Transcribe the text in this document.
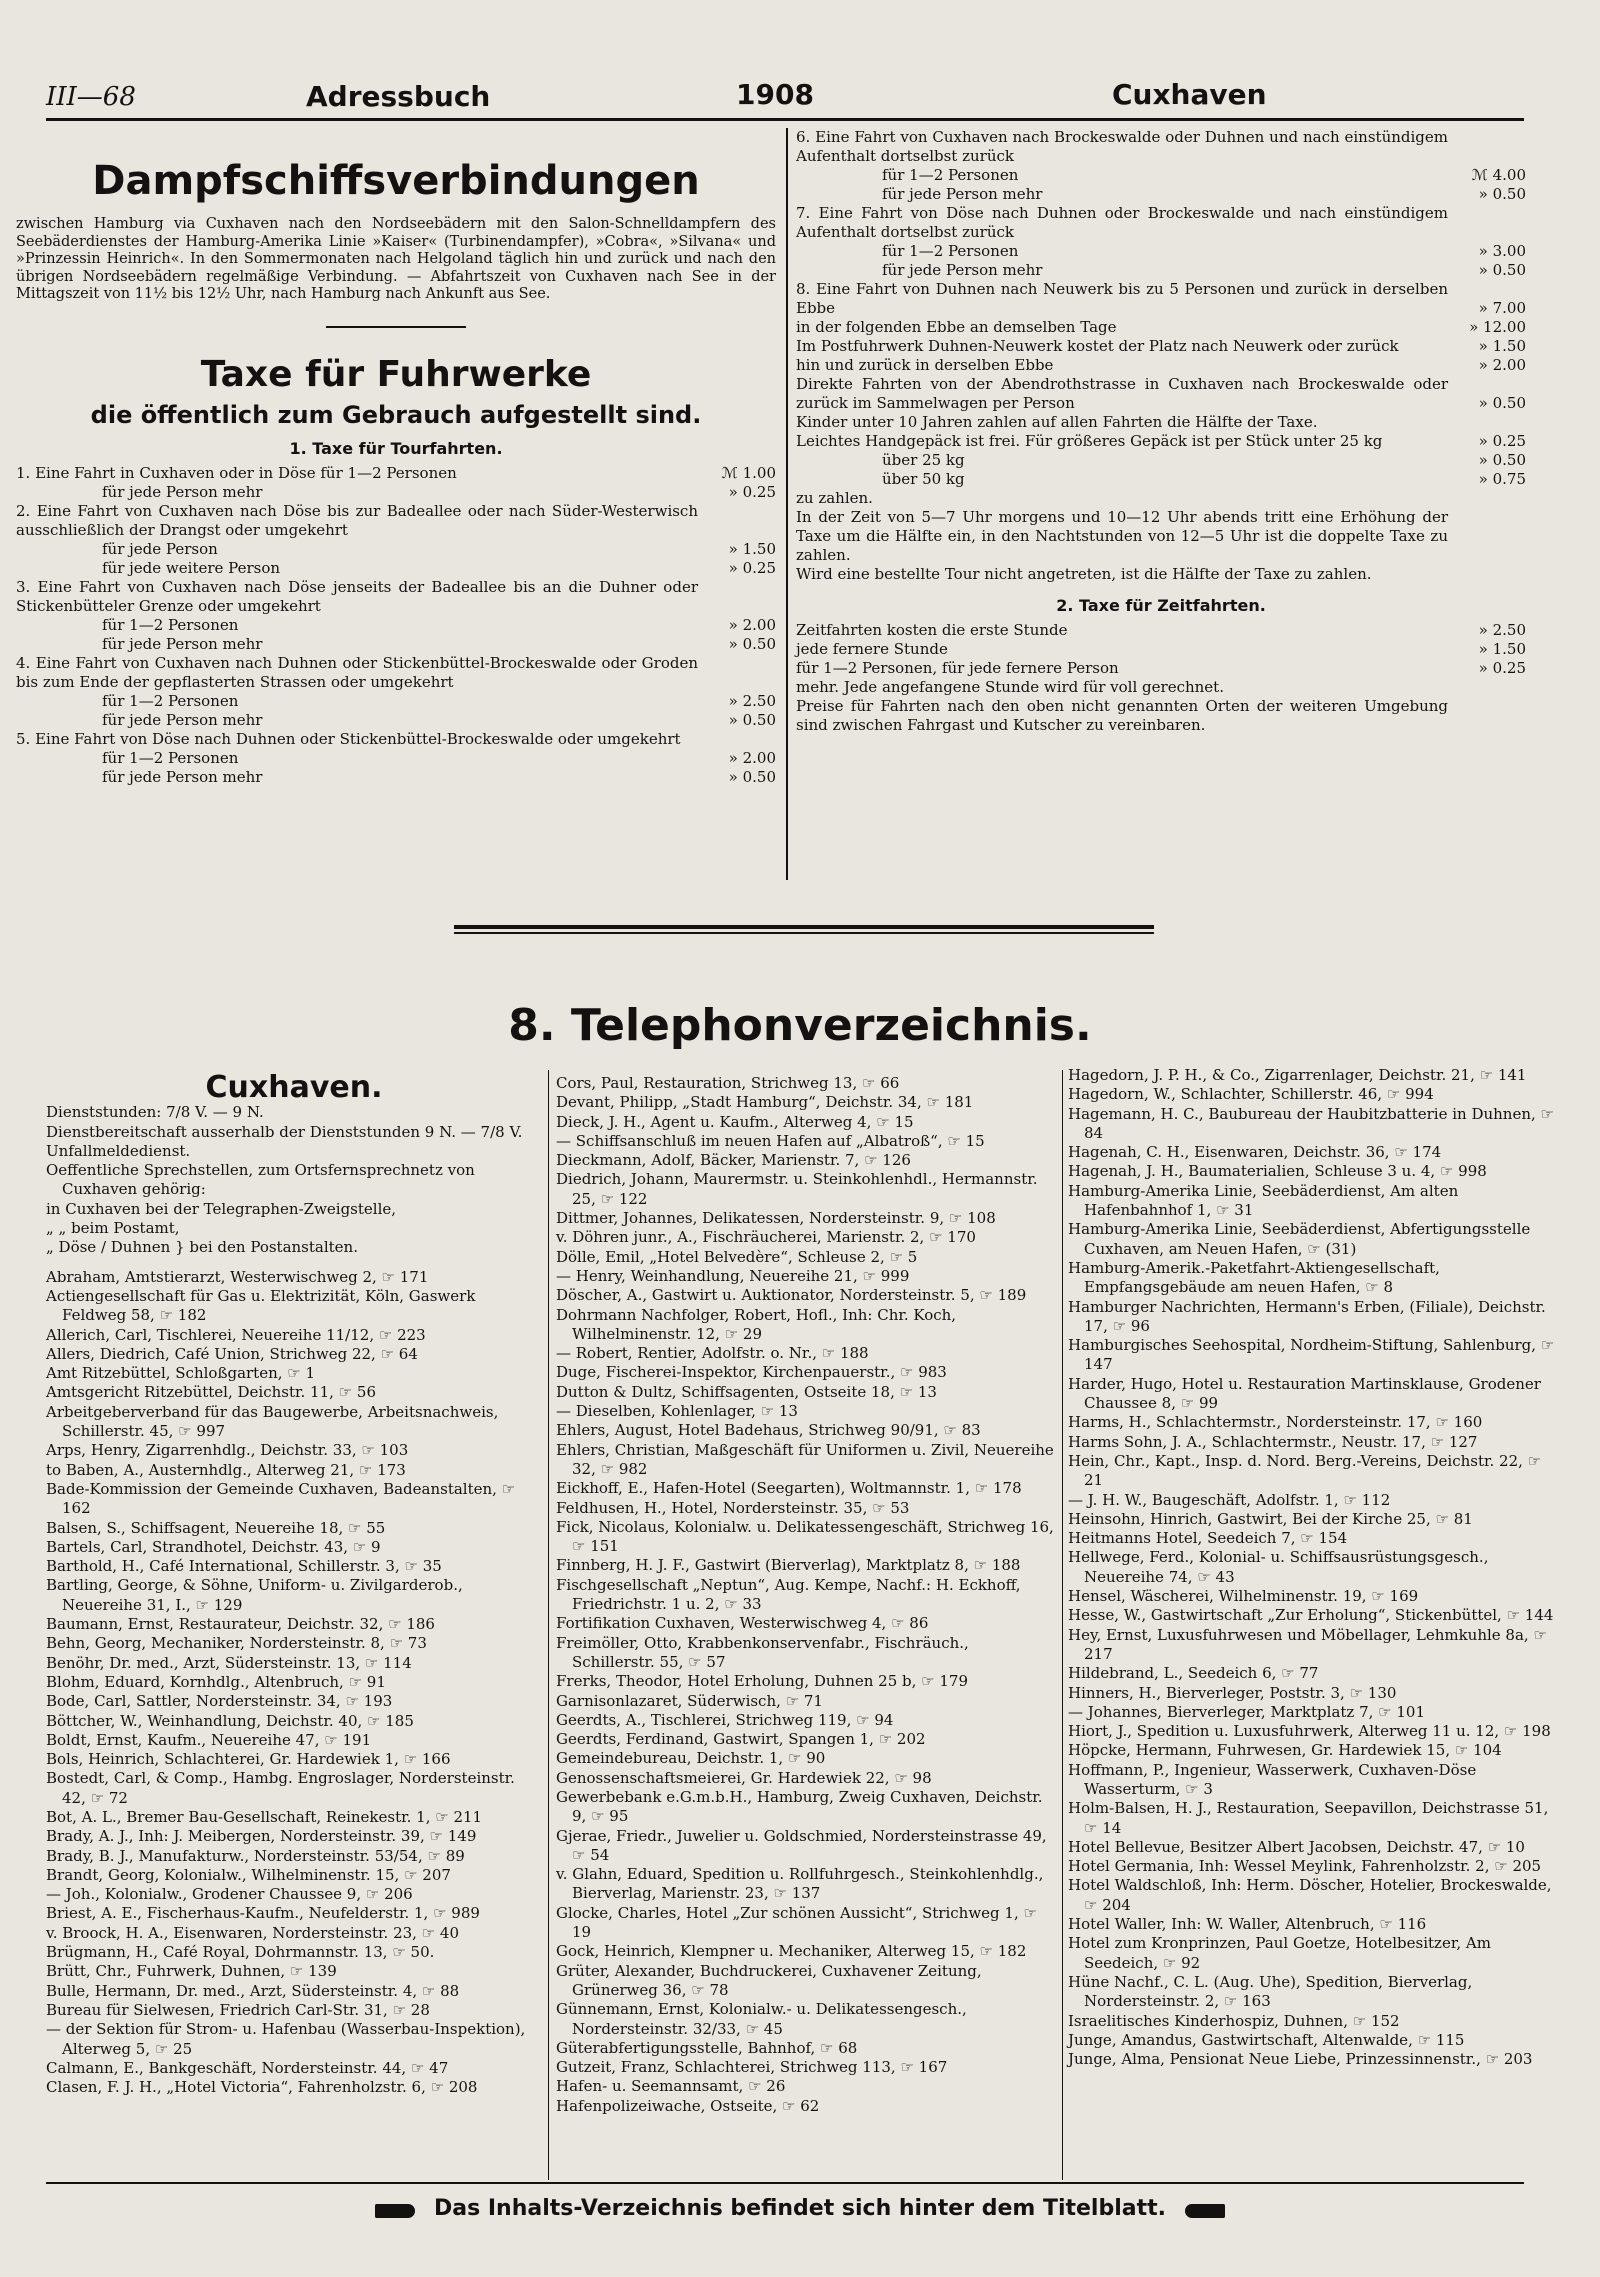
III—68	Adressbuch	1908	Cuxhaven
Dampfschiffsverbindungen

zwischen Hamburg via Cuxhaven nach den Nordseebädern mit den Salon-Schnelldampfern des Seebäderdienstes der Hamburg-Amerika Linie »Kaiser« (Turbinendampfer), »Cobra«, »Silvana« und »Prinzessin Heinrich«. In den Sommermonaten nach Helgoland täglich hin und zurück und nach den übrigen Nordseebädern regelmäßige Verbindung. — Abfahrtszeit von Cuxhaven nach See in der Mittagszeit von 11½ bis 12½ Uhr, nach Hamburg nach Ankunft aus See.

Taxe für Fuhrwerke
die öffentlich zum Gebrauch aufgestellt sind.
1. Taxe für Tourfahrten.
1. Eine Fahrt in Cuxhaven oder in Döse für 1—2 Personen	ℳ 1.00
für jede Person mehr	» 0.25
2. Eine Fahrt von Cuxhaven nach Döse bis zur Badeallee oder nach Süder-Westerwisch ausschließlich der Drangst oder umgekehrt
für jede Person	» 1.50
für jede weitere Person	» 0.25
3. Eine Fahrt von Cuxhaven nach Döse jenseits der Badeallee bis an die Duhner oder Stickenbütteler Grenze oder umgekehrt
für 1—2 Personen	» 2.00
für jede Person mehr	» 0.50
4. Eine Fahrt von Cuxhaven nach Duhnen oder Stickenbüttel-Brockeswalde oder Groden bis zum Ende der gepflasterten Strassen oder umgekehrt
für 1—2 Personen	» 2.50
für jede Person mehr	» 0.50
5. Eine Fahrt von Döse nach Duhnen oder Stickenbüttel-Brockeswalde oder umgekehrt
für 1—2 Personen	» 2.00
für jede Person mehr	» 0.50
6. Eine Fahrt von Cuxhaven nach Brockeswalde oder Duhnen und nach einstündigem Aufenthalt dortselbst zurück
für 1—2 Personen	ℳ 4.00
für jede Person mehr	» 0.50
7. Eine Fahrt von Döse nach Duhnen oder Brockeswalde und nach einstündigem Aufenthalt dortselbst zurück
für 1—2 Personen	» 3.00
für jede Person mehr	» 0.50
8. Eine Fahrt von Duhnen nach Neuwerk bis zu 5 Personen und zurück in derselben Ebbe	» 7.00
in der folgenden Ebbe an demselben Tage	» 12.00
Im Postfuhrwerk Duhnen-Neuwerk kostet der Platz nach Neuwerk oder zurück	» 1.50
hin und zurück in derselben Ebbe	» 2.00
Direkte Fahrten von der Abendrothstrasse in Cuxhaven nach Brockeswalde oder zurück im Sammelwagen per Person	» 0.50
Kinder unter 10 Jahren zahlen auf allen Fahrten die Hälfte der Taxe.
Leichtes Handgepäck ist frei. Für größeres Gepäck ist per Stück unter 25 kg	» 0.25
über 25 kg	» 0.50
über 50 kg	» 0.75
zu zahlen.
In der Zeit von 5—7 Uhr morgens und 10—12 Uhr abends tritt eine Erhöhung der Taxe um die Hälfte ein, in den Nachtstunden von 12—5 Uhr ist die doppelte Taxe zu zahlen.
Wird eine bestellte Tour nicht angetreten, ist die Hälfte der Taxe zu zahlen.
2. Taxe für Zeitfahrten.
Zeitfahrten kosten die erste Stunde	» 2.50
jede fernere Stunde	» 1.50
für 1—2 Personen, für jede fernere Person	» 0.25
mehr. Jede angefangene Stunde wird für voll gerechnet.
Preise für Fahrten nach den oben nicht genannten Orten der weiteren Umgebung sind zwischen Fahrgast und Kutscher zu vereinbaren.
8. Telephonverzeichnis.
Cuxhaven.

Dienststunden: 7/8 V. — 9 N.

Dienstbereitschaft ausserhalb der Dienststunden 9 N. — 7/8 V.

Unfallmeldedienst.

Oeffentliche Sprechstellen, zum Ortsfernsprechnetz von Cuxhaven gehörig:

in Cuxhaven bei der Telegraphen-Zweigstelle,

„ „ beim Postamt,

„ Döse / Duhnen } bei den Postanstalten.

Abraham, Amtstierarzt, Westerwischweg 2, ☞ 171

Actiengesellschaft für Gas u. Elektrizität, Köln, Gaswerk Feldweg 58, ☞ 182

Allerich, Carl, Tischlerei, Neuereihe 11/12, ☞ 223

Allers, Diedrich, Café Union, Strichweg 22, ☞ 64

Amt Ritzebüttel, Schloßgarten, ☞ 1

Amtsgericht Ritzebüttel, Deichstr. 11, ☞ 56

Arbeitgeberverband für das Baugewerbe, Arbeitsnachweis, Schillerstr. 45, ☞ 997

Arps, Henry, Zigarrenhdlg., Deichstr. 33, ☞ 103

to Baben, A., Austernhdlg., Alterweg 21, ☞ 173

Bade-Kommission der Gemeinde Cuxhaven, Badeanstalten, ☞ 162

Balsen, S., Schiffsagent, Neuereihe 18, ☞ 55

Bartels, Carl, Strandhotel, Deichstr. 43, ☞ 9

Barthold, H., Café International, Schillerstr. 3, ☞ 35

Bartling, George, & Söhne, Uniform- u. Zivilgarderob., Neuereihe 31, I., ☞ 129

Baumann, Ernst, Restaurateur, Deichstr. 32, ☞ 186

Behn, Georg, Mechaniker, Nordersteinstr. 8, ☞ 73

Benöhr, Dr. med., Arzt, Südersteinstr. 13, ☞ 114

Blohm, Eduard, Kornhdlg., Altenbruch, ☞ 91

Bode, Carl, Sattler, Nordersteinstr. 34, ☞ 193

Böttcher, W., Weinhandlung, Deichstr. 40, ☞ 185

Boldt, Ernst, Kaufm., Neuereihe 47, ☞ 191

Bols, Heinrich, Schlachterei, Gr. Hardewiek 1, ☞ 166

Bostedt, Carl, & Comp., Hambg. Engroslager, Nordersteinstr. 42, ☞ 72

Bot, A. L., Bremer Bau-Gesellschaft, Reinekestr. 1, ☞ 211

Brady, A. J., Inh: J. Meibergen, Nordersteinstr. 39, ☞ 149

Brady, B. J., Manufakturw., Nordersteinstr. 53/54, ☞ 89

Brandt, Georg, Kolonialw., Wilhelminenstr. 15, ☞ 207

— Joh., Kolonialw., Grodener Chaussee 9, ☞ 206

Briest, A. E., Fischerhaus-Kaufm., Neufelderstr. 1, ☞ 989

v. Broock, H. A., Eisenwaren, Nordersteinstr. 23, ☞ 40

Brügmann, H., Café Royal, Dohrmannstr. 13, ☞ 50.

Brütt, Chr., Fuhrwerk, Duhnen, ☞ 139

Bulle, Hermann, Dr. med., Arzt, Südersteinstr. 4, ☞ 88

Bureau für Sielwesen, Friedrich Carl-Str. 31, ☞ 28

— der Sektion für Strom- u. Hafenbau (Wasserbau-Inspektion), Alterweg 5, ☞ 25

Calmann, E., Bankgeschäft, Nordersteinstr. 44, ☞ 47

Clasen, F. J. H., „Hotel Victoria“, Fahrenholzstr. 6, ☞ 208

Cors, Paul, Restauration, Strichweg 13, ☞ 66

Devant, Philipp, „Stadt Hamburg“, Deichstr. 34, ☞ 181

Dieck, J. H., Agent u. Kaufm., Alterweg 4, ☞ 15

— Schiffsanschluß im neuen Hafen auf „Albatroß“, ☞ 15

Dieckmann, Adolf, Bäcker, Marienstr. 7, ☞ 126

Diedrich, Johann, Maurermstr. u. Steinkohlenhdl., Hermannstr. 25, ☞ 122

Dittmer, Johannes, Delikatessen, Nordersteinstr. 9, ☞ 108

v. Döhren junr., A., Fischräucherei, Marienstr. 2, ☞ 170

Dölle, Emil, „Hotel Belvedère“, Schleuse 2, ☞ 5

— Henry, Weinhandlung, Neuereihe 21, ☞ 999

Döscher, A., Gastwirt u. Auktionator, Nordersteinstr. 5, ☞ 189

Dohrmann Nachfolger, Robert, Hofl., Inh: Chr. Koch, Wilhelminenstr. 12, ☞ 29

— Robert, Rentier, Adolfstr. o. Nr., ☞ 188

Duge, Fischerei-Inspektor, Kirchenpauerstr., ☞ 983

Dutton & Dultz, Schiffsagenten, Ostseite 18, ☞ 13

— Dieselben, Kohlenlager, ☞ 13

Ehlers, August, Hotel Badehaus, Strichweg 90/91, ☞ 83

Ehlers, Christian, Maßgeschäft für Uniformen u. Zivil, Neuereihe 32, ☞ 982

Eickhoff, E., Hafen-Hotel (Seegarten), Woltmannstr. 1, ☞ 178

Feldhusen, H., Hotel, Nordersteinstr. 35, ☞ 53

Fick, Nicolaus, Kolonialw. u. Delikatessengeschäft, Strichweg 16, ☞ 151

Finnberg, H. J. F., Gastwirt (Bierverlag), Marktplatz 8, ☞ 188

Fischgesellschaft „Neptun“, Aug. Kempe, Nachf.: H. Eckhoff, Friedrichstr. 1 u. 2, ☞ 33

Fortifikation Cuxhaven, Westerwischweg 4, ☞ 86

Freimöller, Otto, Krabbenkonservenfabr., Fischräuch., Schillerstr. 55, ☞ 57

Frerks, Theodor, Hotel Erholung, Duhnen 25 b, ☞ 179

Garnisonlazaret, Süderwisch, ☞ 71

Geerdts, A., Tischlerei, Strichweg 119, ☞ 94

Geerdts, Ferdinand, Gastwirt, Spangen 1, ☞ 202

Gemeindebureau, Deichstr. 1, ☞ 90

Genossenschaftsmeierei, Gr. Hardewiek 22, ☞ 98

Gewerbebank e.G.m.b.H., Hamburg, Zweig Cuxhaven, Deichstr. 9, ☞ 95

Gjerae, Friedr., Juwelier u. Goldschmied, Nordersteinstrasse 49, ☞ 54

v. Glahn, Eduard, Spedition u. Rollfuhrgesch., Steinkohlenhdlg., Bierverlag, Marienstr. 23, ☞ 137

Glocke, Charles, Hotel „Zur schönen Aussicht“, Strichweg 1, ☞ 19

Gock, Heinrich, Klempner u. Mechaniker, Alterweg 15, ☞ 182

Grüter, Alexander, Buchdruckerei, Cuxhavener Zeitung, Grünerweg 36, ☞ 78

Günnemann, Ernst, Kolonialw.- u. Delikatessengesch., Nordersteinstr. 32/33, ☞ 45

Güterabfertigungsstelle, Bahnhof, ☞ 68

Gutzeit, Franz, Schlachterei, Strichweg 113, ☞ 167

Hafen- u. Seemannsamt, ☞ 26

Hafenpolizeiwache, Ostseite, ☞ 62

Hagedorn, J. P. H., & Co., Zigarrenlager, Deichstr. 21, ☞ 141

Hagedorn, W., Schlachter, Schillerstr. 46, ☞ 994

Hagemann, H. C., Baubureau der Haubitzbatterie in Duhnen, ☞ 84

Hagenah, C. H., Eisenwaren, Deichstr. 36, ☞ 174

Hagenah, J. H., Baumaterialien, Schleuse 3 u. 4, ☞ 998

Hamburg-Amerika Linie, Seebäderdienst, Am alten Hafenbahnhof 1, ☞ 31

Hamburg-Amerika Linie, Seebäderdienst, Abfertigungsstelle Cuxhaven, am Neuen Hafen, ☞ (31)

Hamburg-Amerik.-Paketfahrt-Aktiengesellschaft, Empfangsgebäude am neuen Hafen, ☞ 8

Hamburger Nachrichten, Hermann's Erben, (Filiale), Deichstr. 17, ☞ 96

Hamburgisches Seehospital, Nordheim-Stiftung, Sahlenburg, ☞ 147

Harder, Hugo, Hotel u. Restauration Martinsklause, Grodener Chaussee 8, ☞ 99

Harms, H., Schlachtermstr., Nordersteinstr. 17, ☞ 160

Harms Sohn, J. A., Schlachtermstr., Neustr. 17, ☞ 127

Hein, Chr., Kapt., Insp. d. Nord. Berg.-Vereins, Deichstr. 22, ☞ 21

— J. H. W., Baugeschäft, Adolfstr. 1, ☞ 112

Heinsohn, Hinrich, Gastwirt, Bei der Kirche 25, ☞ 81

Heitmanns Hotel, Seedeich 7, ☞ 154

Hellwege, Ferd., Kolonial- u. Schiffsausrüstungsgesch., Neuereihe 74, ☞ 43

Hensel, Wäscherei, Wilhelminenstr. 19, ☞ 169

Hesse, W., Gastwirtschaft „Zur Erholung“, Stickenbüttel, ☞ 144

Hey, Ernst, Luxusfuhrwesen und Möbellager, Lehmkuhle 8a, ☞ 217

Hildebrand, L., Seedeich 6, ☞ 77

Hinners, H., Bierverleger, Poststr. 3, ☞ 130

— Johannes, Bierverleger, Marktplatz 7, ☞ 101

Hiort, J., Spedition u. Luxusfuhrwerk, Alterweg 11 u. 12, ☞ 198

Höpcke, Hermann, Fuhrwesen, Gr. Hardewiek 15, ☞ 104

Hoffmann, P., Ingenieur, Wasserwerk, Cuxhaven-Döse Wasserturm, ☞ 3

Holm-Balsen, H. J., Restauration, Seepavillon, Deichstrasse 51, ☞ 14

Hotel Bellevue, Besitzer Albert Jacobsen, Deichstr. 47, ☞ 10

Hotel Germania, Inh: Wessel Meylink, Fahrenholzstr. 2, ☞ 205

Hotel Waldschloß, Inh: Herm. Döscher, Hotelier, Brockeswalde, ☞ 204

Hotel Waller, Inh: W. Waller, Altenbruch, ☞ 116

Hotel zum Kronprinzen, Paul Goetze, Hotelbesitzer, Am Seedeich, ☞ 92

Hüne Nachf., C. L. (Aug. Uhe), Spedition, Bierverlag, Nordersteinstr. 2, ☞ 163

Israelitisches Kinderhospiz, Duhnen, ☞ 152

Junge, Amandus, Gastwirtschaft, Altenwalde, ☞ 115

Junge, Alma, Pensionat Neue Liebe, Prinzessinnenstr., ☞ 203

Das Inhalts-Verzeichnis befindet sich hinter dem Titelblatt.
